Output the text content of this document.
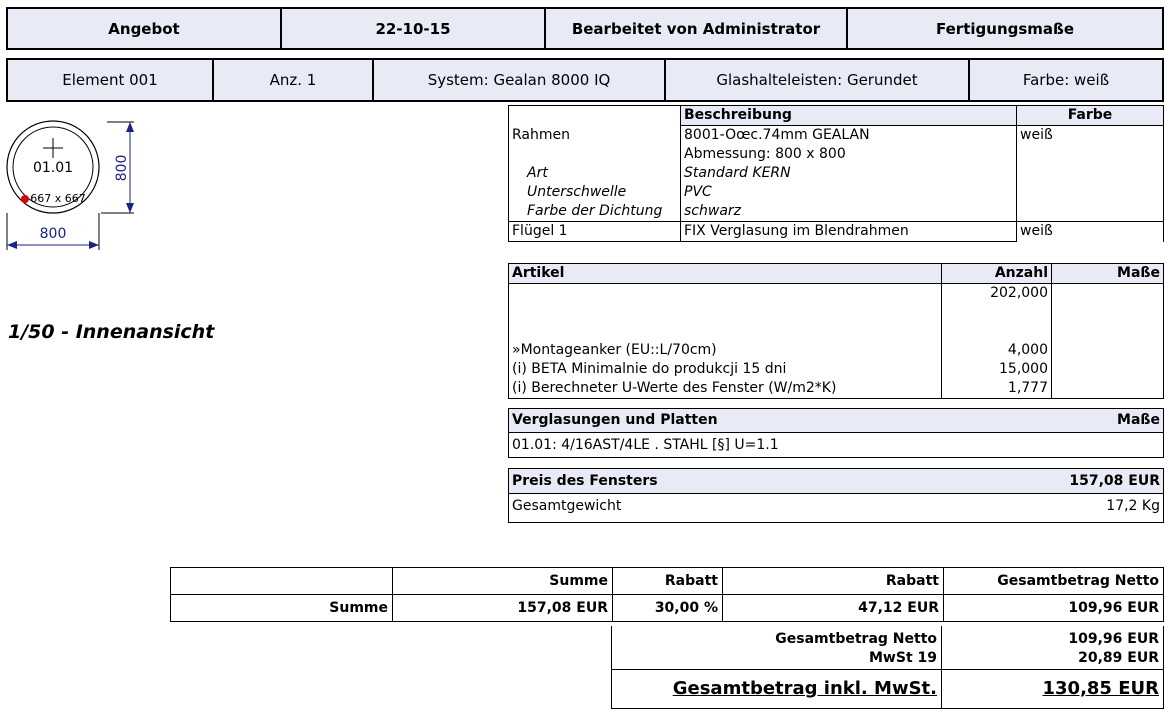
Angebot	22-10-15	Bearbeitet von Administrator	Fertigungsmaße
Element 001	Anz. 1	System: Gealan 8000 IQ	Glashalteleisten: Gerundet	Farbe: weiß
01.01
667 x 667
800
800
1/50 - Innenansicht
	Beschreibung	Farbe
Rahmen	8001-Oœc.74mm GEALAN	weiß
	Abmessung: 800 x 800	
Art	Standard KERN	
Unterschwelle	PVC	
Farbe der Dichtung	schwarz	
Flügel 1	FIX Verglasung im Blendrahmen	weiß
Artikel	Anzahl	Maße
	202,000	

»Montageanker (EU::L/70cm)	4,000	
(i) BETA Minimalnie do produkcji 15 dni	15,000	
(i) Berechneter U-Werte des Fenster (W/m2*K)	1,777	
Verglasungen und Platten	Maße
01.01: 4/16AST/4LE . STAHL [§] U=1.1
Preis des Fensters	157,08 EUR
Gesamtgewicht	17,2 Kg
	Summe	Rabatt	Rabatt	Gesamtbetrag Netto
Summe	157,08 EUR	30,00 %	47,12 EUR	109,96 EUR
Gesamtbetrag Netto	109,96 EUR
MwSt 19	20,89 EUR
Gesamtbetrag inkl. MwSt.	130,85 EUR
